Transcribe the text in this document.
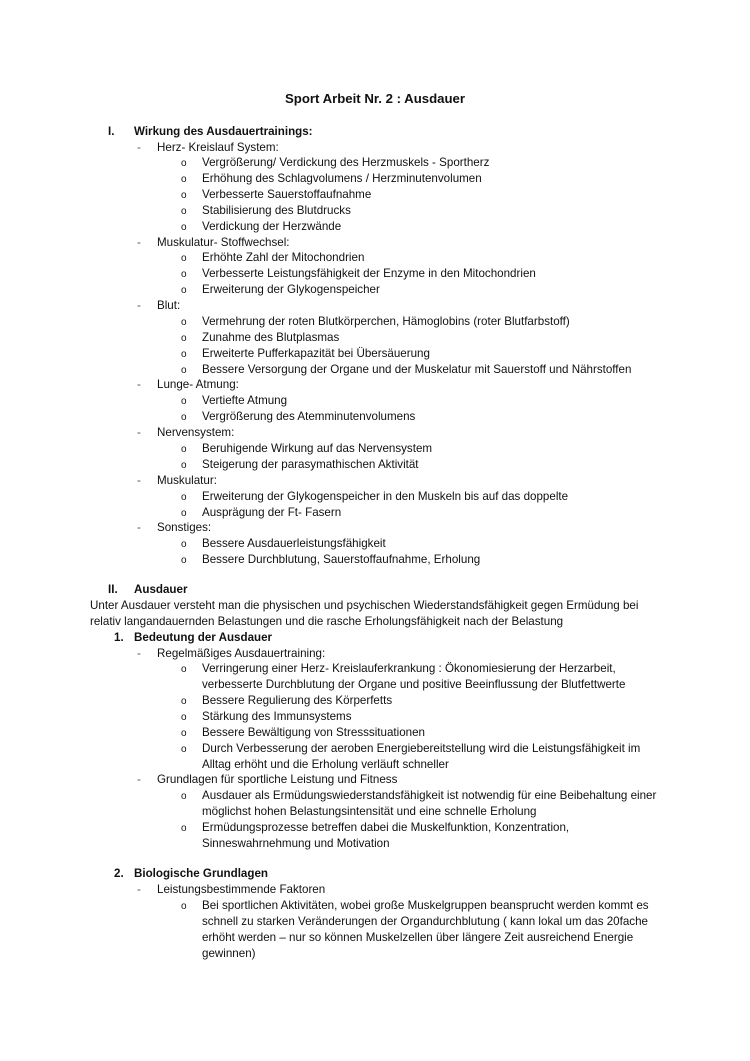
Sport Arbeit Nr. 2 : Ausdauer
I. Wirkung des Ausdauertrainings:
- Herz- Kreislauf System:
o Vergrößerung/ Verdickung des Herzmuskels - Sportherz
o Erhöhung des Schlagvolumens / Herzminutenvolumen
o Verbesserte Sauerstoffaufnahme
o Stabilisierung des Blutdrucks
o Verdickung der Herzwände
- Muskulatur- Stoffwechsel:
o Erhöhte Zahl der Mitochondrien
o Verbesserte Leistungsfähigkeit der Enzyme in den Mitochondrien
o Erweiterung der Glykogenspeicher
- Blut:
o Vermehrung der roten Blutkörperchen, Hämoglobins (roter Blutfarbstoff)
o Zunahme des Blutplasmas
o Erweiterte Pufferkapazität bei Übersäuerung
o Bessere Versorgung der Organe und der Muskelatur mit Sauerstoff und Nährstoffen
- Lunge- Atmung:
o Vertiefte Atmung
o Vergrößerung des Atemminutenvolumens
- Nervensystem:
o Beruhigende Wirkung auf das Nervensystem
o Steigerung der parasymathischen Aktivität
- Muskulatur:
o Erweiterung der Glykogenspeicher in den Muskeln bis auf das doppelte
o Ausprägung der Ft- Fasern
- Sonstiges:
o Bessere Ausdauerleistungsfähigkeit
o Bessere Durchblutung, Sauerstoffaufnahme, Erholung
II. Ausdauer
Unter Ausdauer versteht man die physischen und psychischen Wiederstandsfähigkeit gegen Ermüdung bei
relativ langandauernden Belastungen und die rasche Erholungsfähigkeit nach der Belastung
1. Bedeutung der Ausdauer
- Regelmäßiges Ausdauertraining:
o Verringerung einer Herz- Kreislauferkrankung : Ökonomiesierung der Herzarbeit,
verbesserte Durchblutung der Organe und positive Beeinflussung der Blutfettwerte
o Bessere Regulierung des Körperfetts
o Stärkung des Immunsystems
o Bessere Bewältigung von Stresssituationen
o Durch Verbesserung der aeroben Energiebereitstellung wird die Leistungsfähigkeit im
Alltag erhöht und die Erholung verläuft schneller
- Grundlagen für sportliche Leistung und Fitness
o Ausdauer als Ermüdungswiederstandsfähigkeit ist notwendig für eine Beibehaltung einer
möglichst hohen Belastungsintensität und eine schnelle Erholung
o Ermüdungsprozesse betreffen dabei die Muskelfunktion, Konzentration,
Sinneswahrnehmung und Motivation
2. Biologische Grundlagen
- Leistungsbestimmende Faktoren
o Bei sportlichen Aktivitäten, wobei große Muskelgruppen beansprucht werden kommt es
schnell zu starken Veränderungen der Organdurchblutung ( kann lokal um das 20fache
erhöht werden – nur so können Muskelzellen über längere Zeit ausreichend Energie
gewinnen)
